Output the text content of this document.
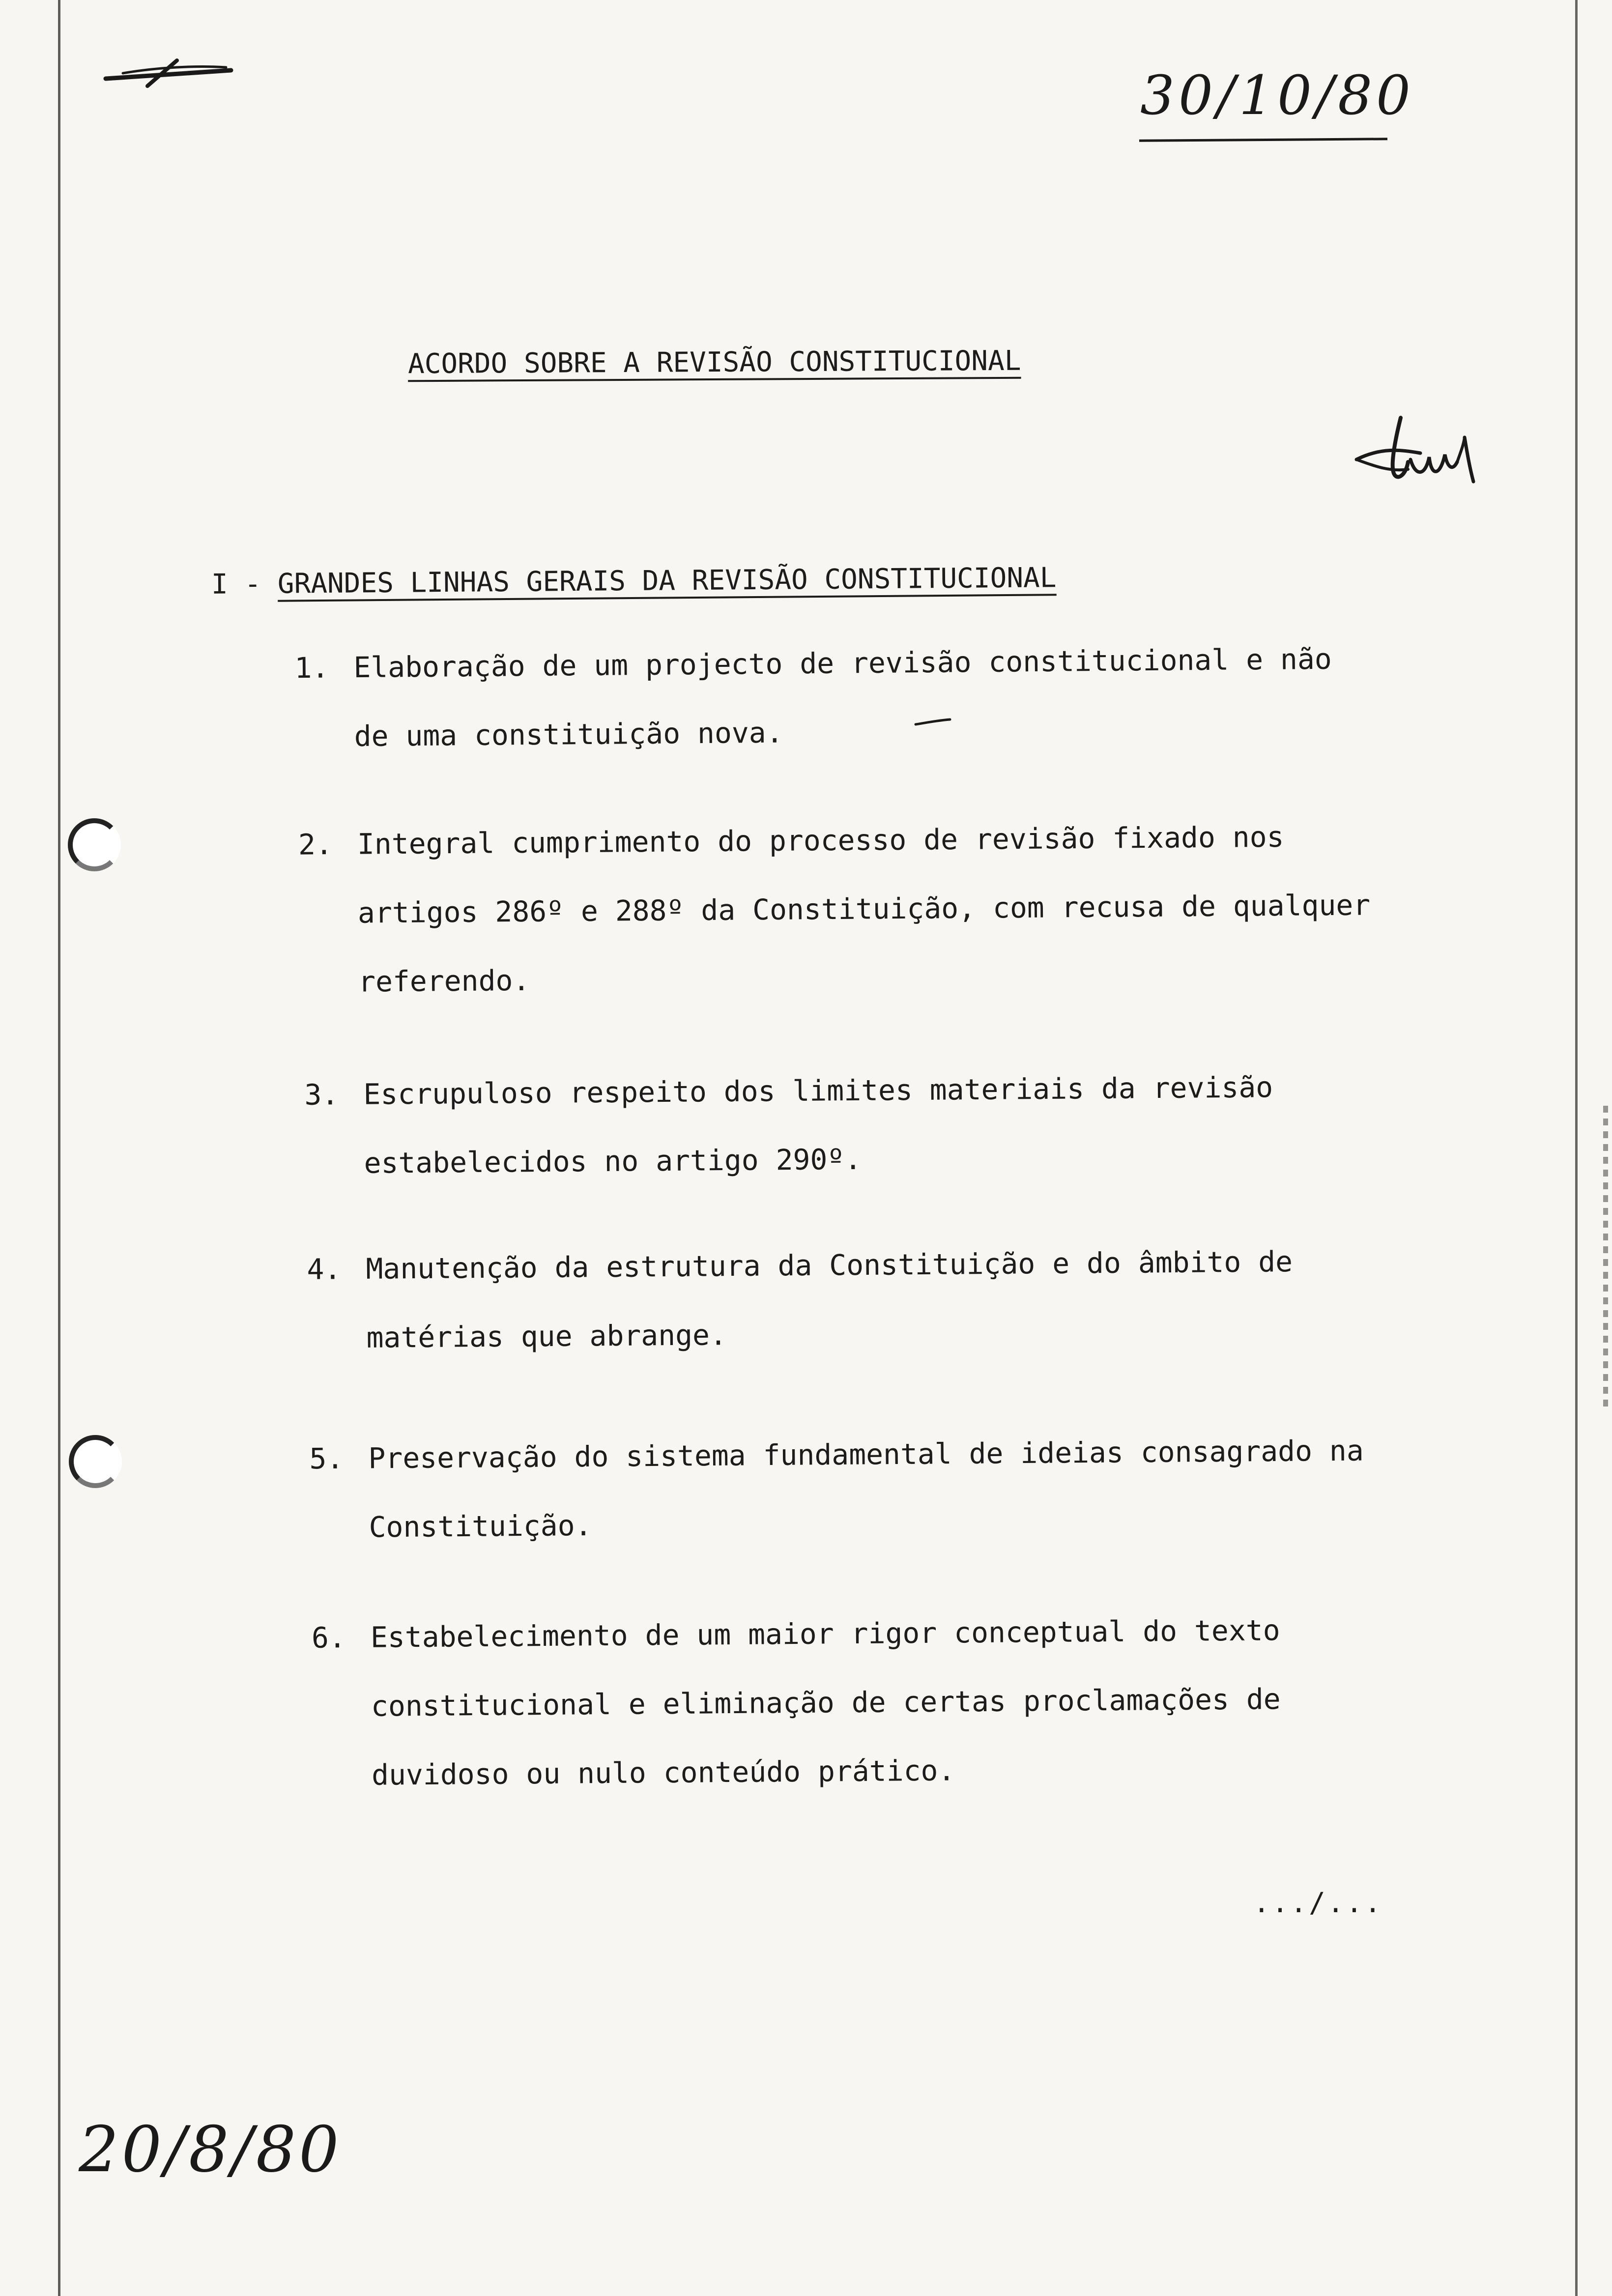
30/10/80
ACORDO SOBRE A REVISÃO CONSTITUCIONAL
I - GRANDES LINHAS GERAIS DA REVISÃO CONSTITUCIONAL
1. Elaboração de um projecto de revisão constitucional e não
de uma constituição nova.
2. Integral cumprimento do processo de revisão fixado nos
artigos 286º e 288º da Constituição, com recusa de qualquer
referendo.
3. Escrupuloso respeito dos limites materiais da revisão
estabelecidos no artigo 290º.
4. Manutenção da estrutura da Constituição e do âmbito de
matérias que abrange.
5. Preservação do sistema fundamental de ideias consagrado na
Constituição.
6. Estabelecimento de um maior rigor conceptual do texto
constitucional e eliminação de certas proclamações de
duvidoso ou nulo conteúdo prático.
.../...
20/8/80
